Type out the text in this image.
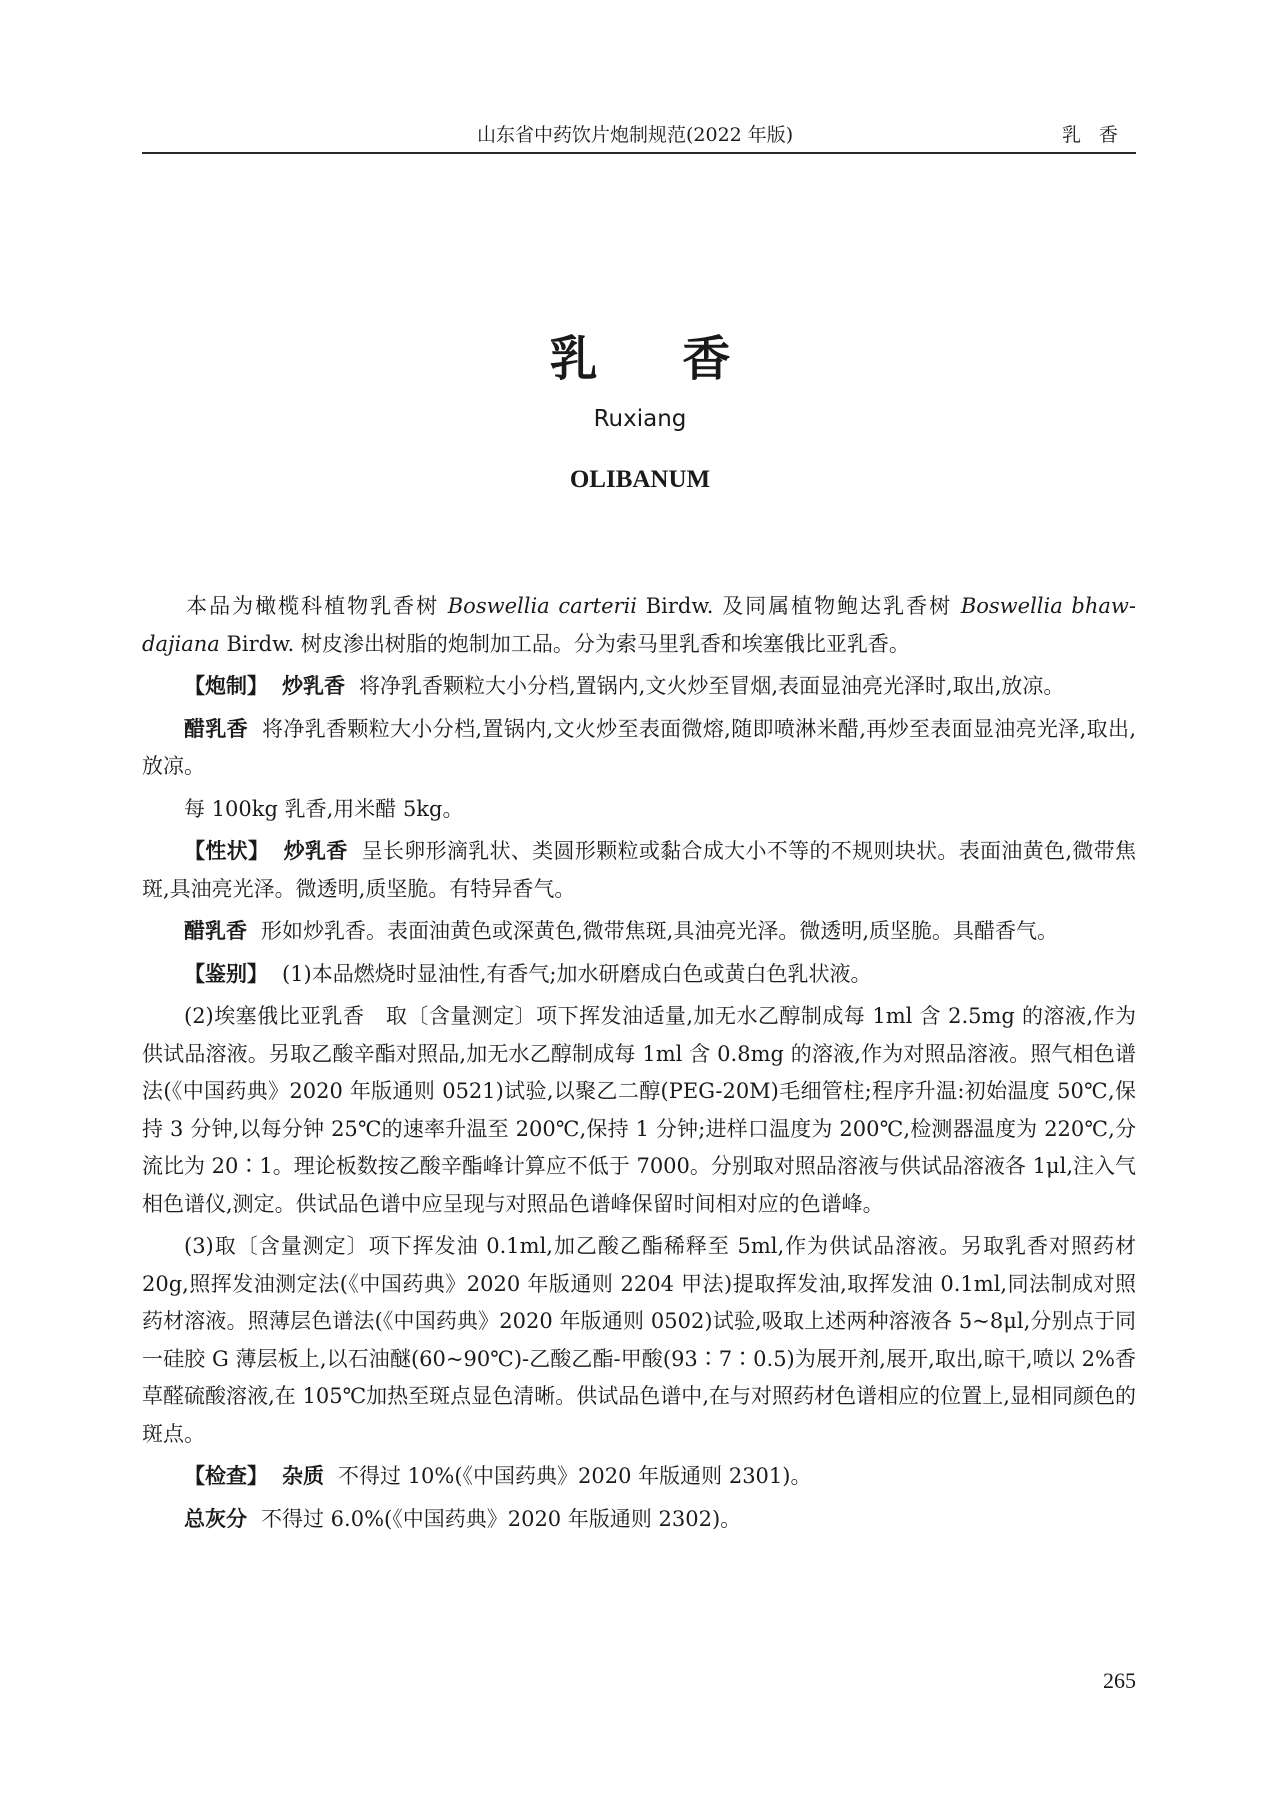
山东省中药饮片炮制规范(2022 年版)	乳香
乳 香
Ruxiang
OLIBANUM

本品为橄榄科植物乳香树 Boswellia carterii Birdw. 及同属植物鲍达乳香树 Boswellia bhaw-dajiana Birdw. 树皮渗出树脂的炮制加工品。分为索马里乳香和埃塞俄比亚乳香。

【炮制】 炒乳香 将净乳香颗粒大小分档,置锅内,文火炒至冒烟,表面显油亮光泽时,取出,放凉。

醋乳香 将净乳香颗粒大小分档,置锅内,文火炒至表面微熔,随即喷淋米醋,再炒至表面显油亮光泽,取出,放凉。

每 100kg 乳香,用米醋 5kg。

【性状】 炒乳香 呈长卵形滴乳状、类圆形颗粒或黏合成大小不等的不规则块状。表面油黄色,微带焦斑,具油亮光泽。微透明,质坚脆。有特异香气。

醋乳香 形如炒乳香。表面油黄色或深黄色,微带焦斑,具油亮光泽。微透明,质坚脆。具醋香气。

【鉴别】 (1)本品燃烧时显油性,有香气;加水研磨成白色或黄白色乳状液。

(2)埃塞俄比亚乳香　取〔含量测定〕项下挥发油适量,加无水乙醇制成每 1ml 含 2.5mg 的溶液,作为供试品溶液。另取乙酸辛酯对照品,加无水乙醇制成每 1ml 含 0.8mg 的溶液,作为对照品溶液。照气相色谱法(《中国药典》2020 年版通则 0521)试验,以聚乙二醇(PEG-20M)毛细管柱;程序升温:初始温度 50℃,保持 3 分钟,以每分钟 25℃的速率升温至 200℃,保持 1 分钟;进样口温度为 200℃,检测器温度为 220℃,分流比为 20∶1。理论板数按乙酸辛酯峰计算应不低于 7000。分别取对照品溶液与供试品溶液各 1μl,注入气相色谱仪,测定。供试品色谱中应呈现与对照品色谱峰保留时间相对应的色谱峰。

(3)取〔含量测定〕项下挥发油 0.1ml,加乙酸乙酯稀释至 5ml,作为供试品溶液。另取乳香对照药材 20g,照挥发油测定法(《中国药典》2020 年版通则 2204 甲法)提取挥发油,取挥发油 0.1ml,同法制成对照药材溶液。照薄层色谱法(《中国药典》2020 年版通则 0502)试验,吸取上述两种溶液各 5~8μl,分别点于同一硅胶 G 薄层板上,以石油醚(60~90℃)-乙酸乙酯-甲酸(93∶7∶0.5)为展开剂,展开,取出,晾干,喷以 2%香草醛硫酸溶液,在 105℃加热至斑点显色清晰。供试品色谱中,在与对照药材色谱相应的位置上,显相同颜色的斑点。

【检查】 杂质 不得过 10%(《中国药典》2020 年版通则 2301)。

总灰分 不得过 6.0%(《中国药典》2020 年版通则 2302)。

265
